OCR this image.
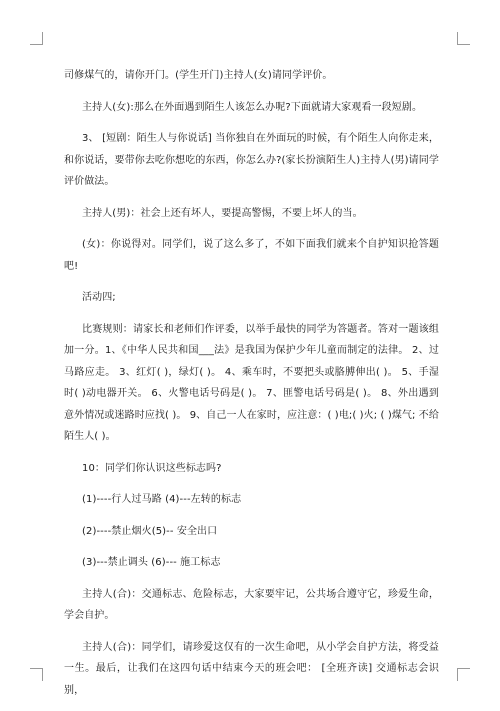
司修煤气的，请你开门。(学生开门)主持人(女)请同学评价。

主持人(女):那么在外面遇到陌生人该怎么办呢?下面就请大家观看一段短剧。

3、 [短剧：陌生人与你说话] 当你独自在外面玩的时候，有个陌生人向你走来，和你说话，要带你去吃你想吃的东西，你怎么办?(家长扮演陌生人)主持人(男)请同学评价做法。

主持人(男)：社会上还有坏人，要提高警惕，不要上坏人的当。

(女)：你说得对。同学们，说了这么多了，不如下面我们就来个自护知识抢答题吧!

活动四;

比赛规则：请家长和老师们作评委，以举手最快的同学为答题者。答对一题该组加一分。1、《中华人民共和国___法》是我国为保护少年儿童而制定的法律。 2、过马路应走。 3、红灯( )，绿灯( )。 4、乘车时，不要把头或胳膊伸出( )。 5、手湿时( )动电器开关。 6、火警电话号码是( )。 7、匪警电话号码是( )。 8、外出遇到意外情况或迷路时应找( )。 9、自己一人在家时，应注意：( )电;( )火; ( )煤气; 不给陌生人( )。

10：同学们你认识这些标志吗?

(1)----行人过马路 (4)---左转的标志

(2)----禁止烟火(5)-- 安全出口

(3)---禁止调头 (6)--- 施工标志

主持人(合)：交通标志、危险标志，大家要牢记，公共场合遵守它，珍爱生命，学会自护。

主持人(合)：同学们，请珍爱这仅有的一次生命吧，从小学会自护方法，将受益一生。最后，让我们在这四句话中结束今天的班会吧： [全班齐读] 交通标志会识别，
